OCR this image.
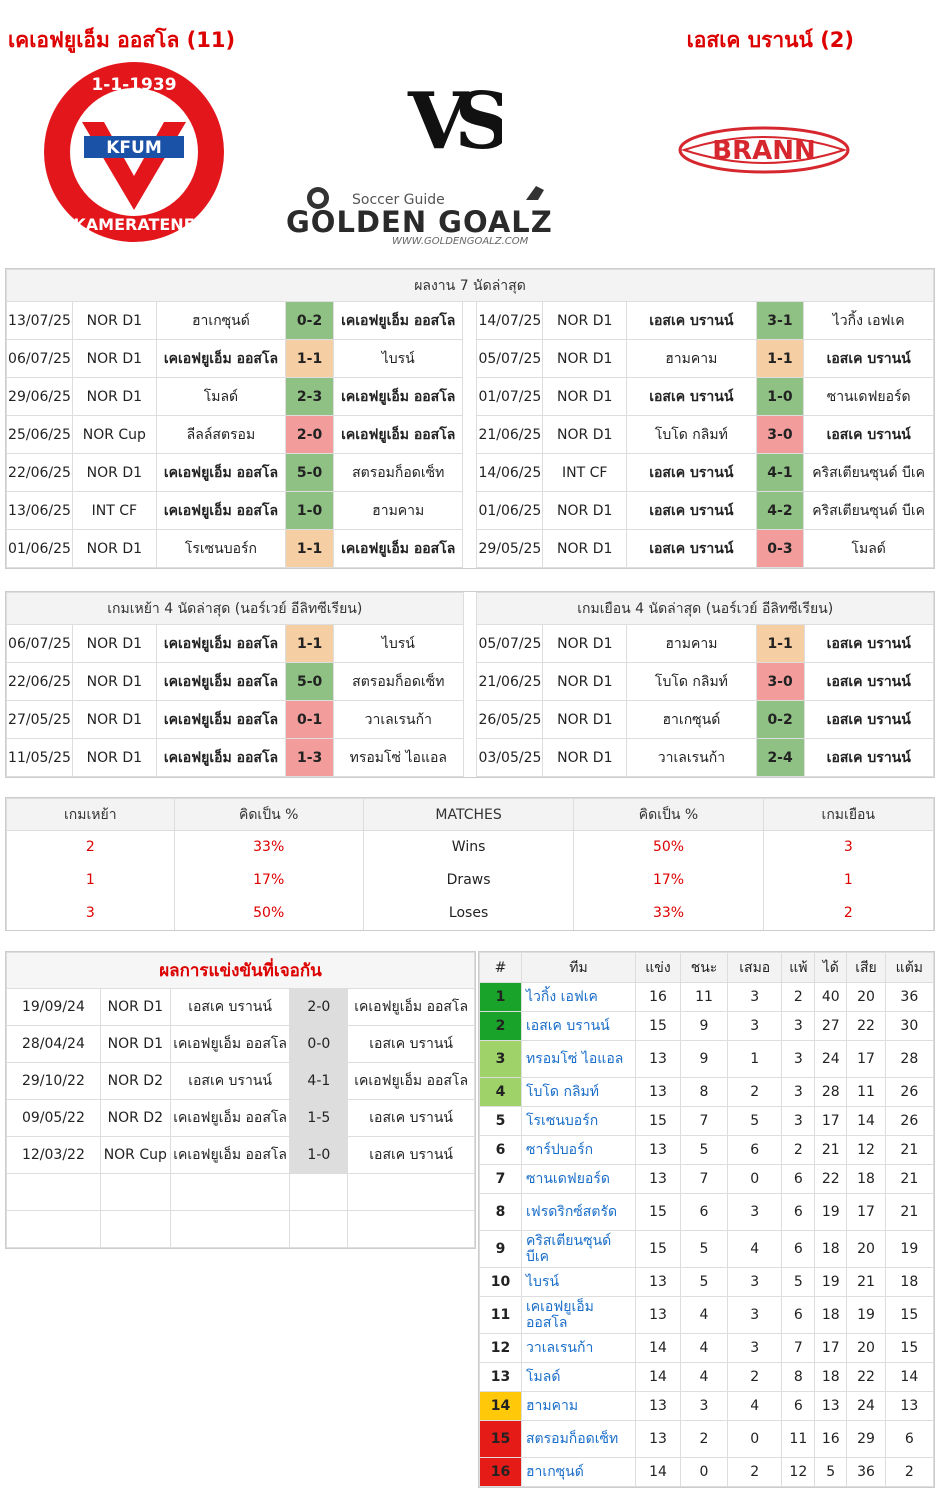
เคเอฟยูเอ็ม ออสโล (11)	เอสเค บรานน์ (2)
KFUM
1-1-1939
KAMERATENE
VS
Soccer Guide
GOLDEN GOALZ
WWW.GOLDENGOALZ.COM
BRANN
ผลงาน 7 นัดล่าสุด										
13/07/25	NOR D1	ฮาเกซุนด์	0-2	เคเอฟยูเอ็ม ออสโล		14/07/25	NOR D1	เอสเค บรานน์	3-1	ไวกิ้ง เอฟเค
06/07/25	NOR D1	เคเอฟยูเอ็ม ออสโล	1-1	ไบรน์		05/07/25	NOR D1	ฮามคาม	1-1	เอสเค บรานน์
29/06/25	NOR D1	โมลด์	2-3	เคเอฟยูเอ็ม ออสโล		01/07/25	NOR D1	เอสเค บรานน์	1-0	ซานเดฟยอร์ด
25/06/25	NOR Cup	ลีลล์สตรอม	2-0	เคเอฟยูเอ็ม ออสโล		21/06/25	NOR D1	โบโด กลิมท์	3-0	เอสเค บรานน์
22/06/25	NOR D1	เคเอฟยูเอ็ม ออสโล	5-0	สตรอมก็อดเซ็ท		14/06/25	INT CF	เอสเค บรานน์	4-1	คริสเตียนซุนด์ บีเค
13/06/25	INT CF	เคเอฟยูเอ็ม ออสโล	1-0	ฮามคาม		01/06/25	NOR D1	เอสเค บรานน์	4-2	คริสเตียนซุนด์ บีเค
01/06/25	NOR D1	โรเซนบอร์ก	1-1	เคเอฟยูเอ็ม ออสโล		29/05/25	NOR D1	เอสเค บรานน์	0-3	โมลด์
เกมเหย้า 4 นัดล่าสุด (นอร์เวย์ อีลิทซีเรียน)						เกมเยือน 4 นัดล่าสุด (นอร์เวย์ อีลิทซีเรียน)				
06/07/25	NOR D1	เคเอฟยูเอ็ม ออสโล	1-1	ไบรน์		05/07/25	NOR D1	ฮามคาม	1-1	เอสเค บรานน์
22/06/25	NOR D1	เคเอฟยูเอ็ม ออสโล	5-0	สตรอมก็อดเซ็ท		21/06/25	NOR D1	โบโด กลิมท์	3-0	เอสเค บรานน์
27/05/25	NOR D1	เคเอฟยูเอ็ม ออสโล	0-1	วาเลเรนก้า		26/05/25	NOR D1	ฮาเกซุนด์	0-2	เอสเค บรานน์
11/05/25	NOR D1	เคเอฟยูเอ็ม ออสโล	1-3	ทรอมโซ่ ไอแอล		03/05/25	NOR D1	วาเลเรนก้า	2-4	เอสเค บรานน์
เกมเหย้า	คิดเป็น %	MATCHES	คิดเป็น %	เกมเยือน
2	33%	Wins	50%	3
1	17%	Draws	17%	1
3	50%	Loses	33%	2
ผลการแข่งขันที่เจอกัน				
19/09/24	NOR D1	เอสเค บรานน์	2-0	เคเอฟยูเอ็ม ออสโล
28/04/24	NOR D1	เคเอฟยูเอ็ม ออสโล	0-0	เอสเค บรานน์
29/10/22	NOR D2	เอสเค บรานน์	4-1	เคเอฟยูเอ็ม ออสโล
09/05/22	NOR D2	เคเอฟยูเอ็ม ออสโล	1-5	เอสเค บรานน์
12/03/22	NOR Cup	เคเอฟยูเอ็ม ออสโล	1-0	เอสเค บรานน์

#	ทีม	แข่ง	ชนะ	เสมอ	แพ้	ได้	เสีย	แต้ม
1	ไวกิ้ง เอฟเค	16	11	3	2	40	20	36
2	เอสเค บรานน์	15	9	3	3	27	22	30
3	ทรอมโซ่ ไอแอล	13	9	1	3	24	17	28
4	โบโด กลิมท์	13	8	2	3	28	11	26
5	โรเซนบอร์ก	15	7	5	3	17	14	26
6	ซาร์ปบอร์ก	13	5	6	2	21	12	21
7	ซานเดฟยอร์ด	13	7	0	6	22	18	21
8	เฟรดริกซ์สตรัด	15	6	3	6	19	17	21
9	คริสเตียนซุนด์ บีเค	15	5	4	6	18	20	19
10	ไบรน์	13	5	3	5	19	21	18
11	เคเอฟยูเอ็ม ออสโล	13	4	3	6	18	19	15
12	วาเลเรนก้า	14	4	3	7	17	20	15
13	โมลด์	14	4	2	8	18	22	14
14	ฮามคาม	13	3	4	6	13	24	13
15	สตรอมก็อดเซ็ท	13	2	0	11	16	29	6
16	ฮาเกซุนด์	14	0	2	12	5	36	2
